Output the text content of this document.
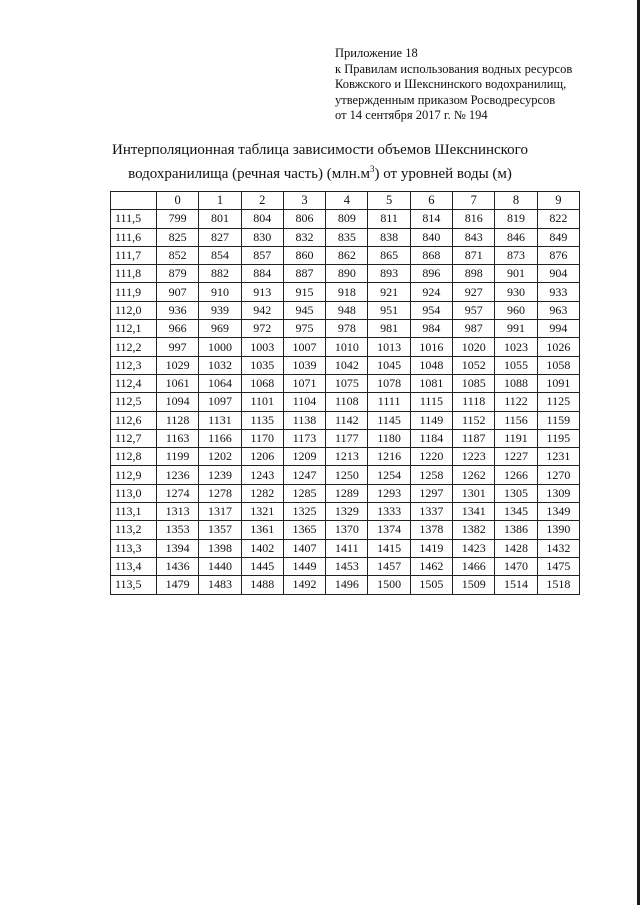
Приложение 18
к Правилам использования водных ресурсов
Ковжского и Шекснинского водохранилищ,
утвержденным приказом Росводресурсов
от 14 сентября 2017 г. № 194
Интерполяционная таблица зависимости объемов Шекснинского
водохранилища (речная часть) $(млн.м^3)$ от уровней воды (м)
	0	1	2	3	4	5	6	7	8	9
111,5	799	801	804	806	809	811	814	816	819	822
111,6	825	827	830	832	835	838	840	843	846	849
111,7	852	854	857	860	862	865	868	871	873	876
111,8	879	882	884	887	890	893	896	898	901	904
111,9	907	910	913	915	918	921	924	927	930	933
112,0	936	939	942	945	948	951	954	957	960	963
112,1	966	969	972	975	978	981	984	987	991	994
112,2	997	1000	1003	1007	1010	1013	1016	1020	1023	1026
112,3	1029	1032	1035	1039	1042	1045	1048	1052	1055	1058
112,4	1061	1064	1068	1071	1075	1078	1081	1085	1088	1091
112,5	1094	1097	1101	1104	1108	1111	1115	1118	1122	1125
112,6	1128	1131	1135	1138	1142	1145	1149	1152	1156	1159
112,7	1163	1166	1170	1173	1177	1180	1184	1187	1191	1195
112,8	1199	1202	1206	1209	1213	1216	1220	1223	1227	1231
112,9	1236	1239	1243	1247	1250	1254	1258	1262	1266	1270
113,0	1274	1278	1282	1285	1289	1293	1297	1301	1305	1309
113,1	1313	1317	1321	1325	1329	1333	1337	1341	1345	1349
113,2	1353	1357	1361	1365	1370	1374	1378	1382	1386	1390
113,3	1394	1398	1402	1407	1411	1415	1419	1423	1428	1432
113,4	1436	1440	1445	1449	1453	1457	1462	1466	1470	1475
113,5	1479	1483	1488	1492	1496	1500	1505	1509	1514	1518
